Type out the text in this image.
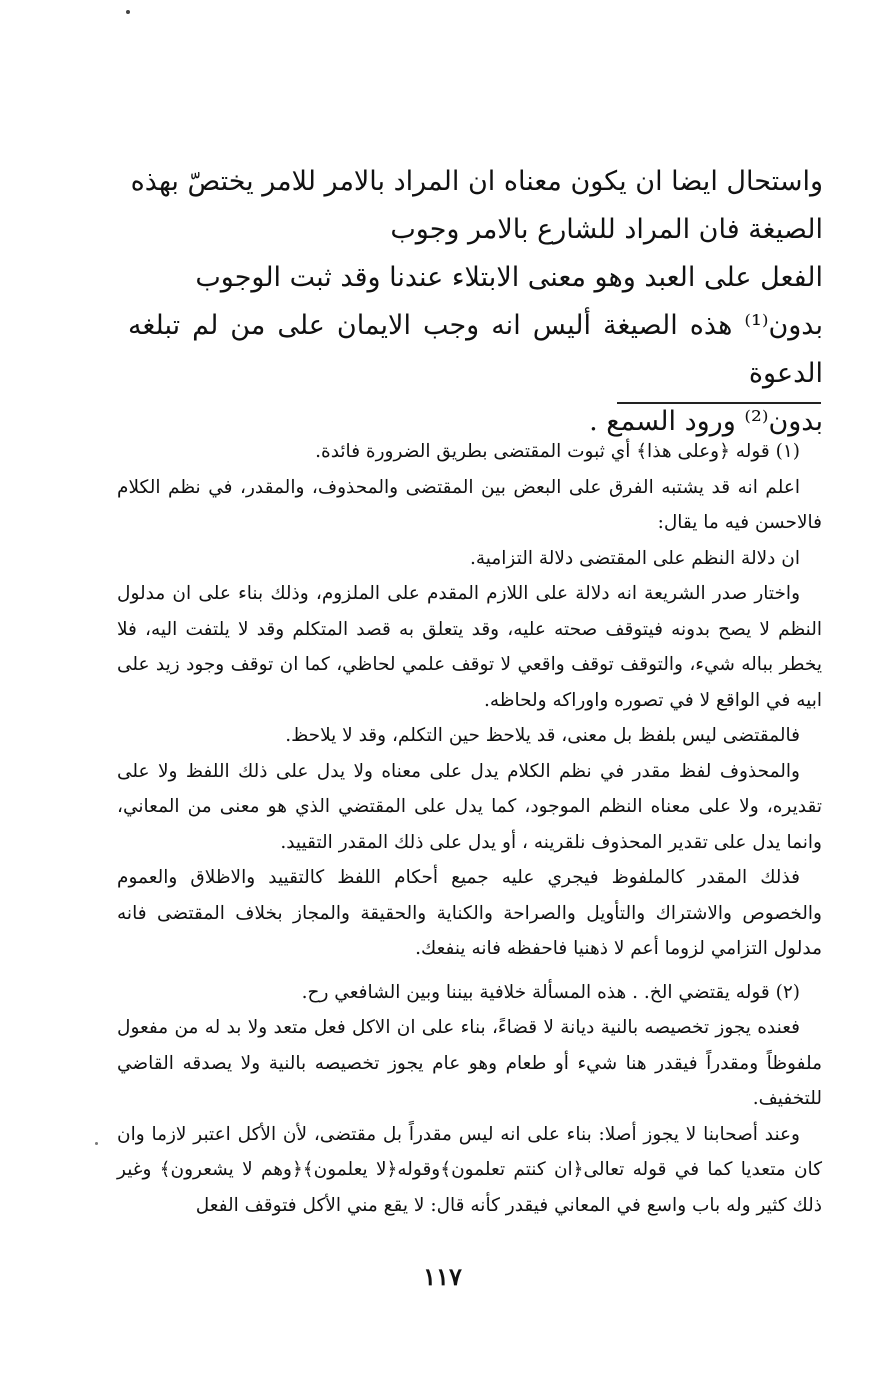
واستحال ايضا ان يكون معناه ان المراد بالامر للامر يختصّ بهذه

الصيغة فان المراد للشارع بالامر وجوب

الفعل على العبد وهو معنى الابتلاء عندنا وقد ثبت الوجوب

بدون⁽¹⁾ هذه الصيغة أليس انه وجب الايمان على من لم تبلغه الدعوة

بدون⁽²⁾ ورود السمع .

(١) قوله ﴿وعلى هذا﴾ أي ثبوت المقتضى بطريق الضرورة فائدة.

اعلم انه قد يشتبه الفرق على البعض بين المقتضى والمحذوف، والمقدر، في نظم الكلام فالاحسن فيه ما يقال:

ان دلالة النظم على المقتضى دلالة التزامية.

واختار صدر الشريعة انه دلالة على اللازم المقدم على الملزوم، وذلك بناء على ان مدلول النظم لا يصح بدونه فيتوقف صحته عليه، وقد يتعلق به قصد المتكلم وقد لا يلتفت اليه، فلا يخطر بباله شيء، والتوقف توقف واقعي لا توقف علمي لحاظي، كما ان توقف وجود زيد على ابيه في الواقع لا في تصوره واوراكه ولحاظه.

فالمقتضى ليس بلفظ بل معنى، قد يلاحظ حين التكلم، وقد لا يلاحظ.

والمحذوف لفظ مقدر في نظم الكلام يدل على معناه ولا يدل على ذلك اللفظ ولا على تقديره، ولا على معناه النظم الموجود، كما يدل على المقتضي الذي هو معنى من المعاني، وانما يدل على تقدير المحذوف نلقرينه ، أو يدل على ذلك المقدر التقييد.

فذلك المقدر كالملفوظ فيجري عليه جميع أحكام اللفظ كالتقييد والاظلاق والعموم والخصوص والاشتراك والتأويل والصراحة والكناية والحقيقة والمجاز بخلاف المقتضى فانه مدلول التزامي لزوما أعم لا ذهنيا فاحفظه فانه ينفعك.

(٢) قوله يقتضي الخ. . هذه المسألة خلافية بيننا وبين الشافعي رح.

فعنده يجوز تخصيصه بالنية ديانة لا قضاءً، بناء على ان الاكل فعل متعد ولا بد له من مفعول ملفوظاً ومقدراً فيقدر هنا شيء أو طعام وهو عام يجوز تخصيصه بالنية ولا يصدقه القاضي للتخفيف.

وعند أصحابنا لا يجوز أصلا: بناء على انه ليس مقدراً بل مقتضى، لأن الأكل اعتبر لازما وان كان متعديا كما في قوله تعالى﴿ان كنتم تعلمون﴾وقوله﴿لا يعلمون﴾﴿وهم لا يشعرون﴾ وغير ذلك كثير وله باب واسع في المعاني فيقدر كأنه قال: لا يقع مني الأكل فتوقف الفعل

١١٧
